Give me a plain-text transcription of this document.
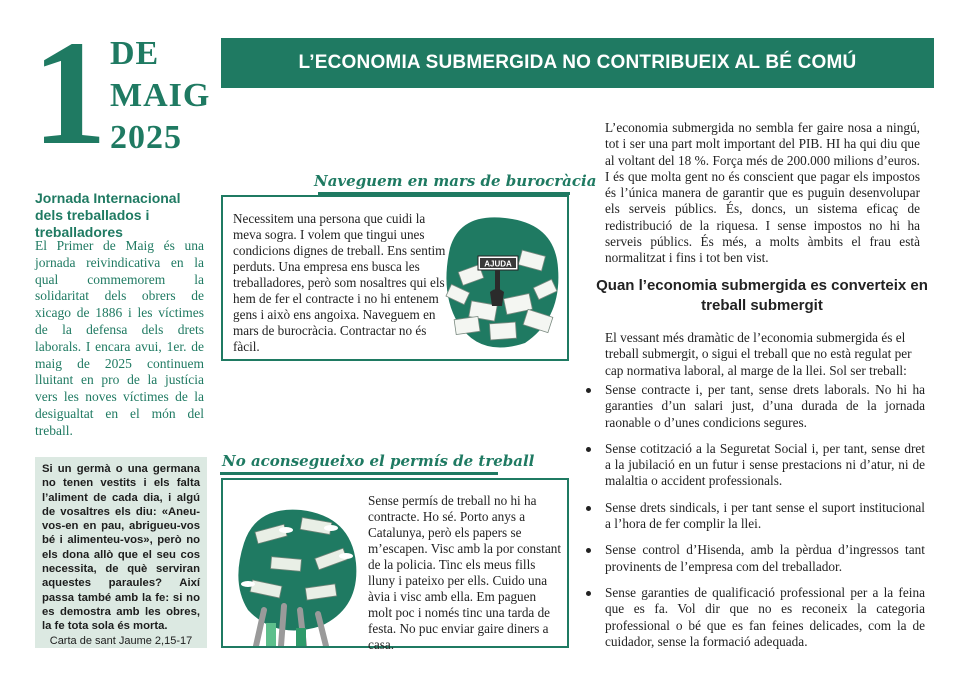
1 DE
MAIG
2025
L’ECONOMIA SUBMERGIDA NO CONTRIBUEIX AL BÉ COMÚ
Jornada Internacional dels treballados i treballadores
El Primer de Maig és una jornada reivindicativa en la qual commemorem la solidaritat dels obrers de xicago de 1886 i les víctimes de la defensa dels drets laborals. I encara avui, 1er. de maig de 2025 continuem lluitant en pro de la justícia vers les noves víctimes de la desigualtat en el món del treball.
Si un germà o una germana no tenen vestits i els falta l’aliment de cada dia, i algú de vosaltres els diu: «Aneu-vos-en en pau, abrigueu-vos bé i alimenteu-vos», però no els dona allò que el seu cos necessita, de què serviran aquestes paraules? Així passa també amb la fe: si no es demostra amb les obres, la fe tota sola és morta.
Carta de sant Jaume 2,15-17
Naveguem en mars de burocràcia
Necessitem una persona que cuidi la meva sogra. I volem que tingui unes condicions dignes de treball. Ens sentim perduts. Una empresa ens busca les treballadores, però som nosaltres qui els hem de fer el contracte i no hi entenem gens i això ens angoixa. Naveguem en mars de burocràcia. Contractar no és fàcil.
AJUDA
No aconsegueixo el permís de treball
Sense permís de treball no hi ha contracte. Ho sé. Porto anys a Catalunya, però els papers se m’escapen. Visc amb la por constant de la policia. Tinc els meus fills lluny i pateixo per ells. Cuido una àvia i visc amb ella. Em paguen molt poc i només tinc una tarda de festa. No puc enviar gaire diners a casa.
L’economia submergida no sembla fer gaire nosa a ningú, tot i ser una part molt important del PIB. HI ha qui diu que al voltant del 18 %. Força més de 200.000 milions d’euros. I és que molta gent no és conscient que pagar els impostos és l’única manera de garantir que es puguin desenvolupar els serveis públics. És, doncs, un sistema eficaç de redistribució de la riquesa. I sense impostos no hi ha serveis públics. És més, a molts àmbits el frau està normalitzat i fins i tot ben vist.
Quan l’economia submergida es converteix en treball submergit
El vessant més dramàtic de l’economia submergida és el treball submergit, o sigui el treball que no està regulat per cap normativa laboral, al marge de la llei. Sol ser treball:
Sense contracte i, per tant, sense drets laborals. No hi ha garanties d’un salari just, d’una durada de la jornada raonable o d’unes condicions segures.
Sense cotització a la Seguretat Social i, per tant, sense dret a la jubilació en un futur i sense prestacions ni d’atur, ni de malaltia o accident professionals.
Sense drets sindicals, i per tant sense el suport institucional a l’hora de fer complir la llei.
Sense control d’Hisenda, amb la pèrdua d’ingressos tant provinents de l’empresa com del treballador.
Sense garanties de qualificació professional per a la feina que es fa. Vol dir que no es reconeix la categoria professional o bé que es fan feines delicades, com la de cuidador, sense la formació adequada.
